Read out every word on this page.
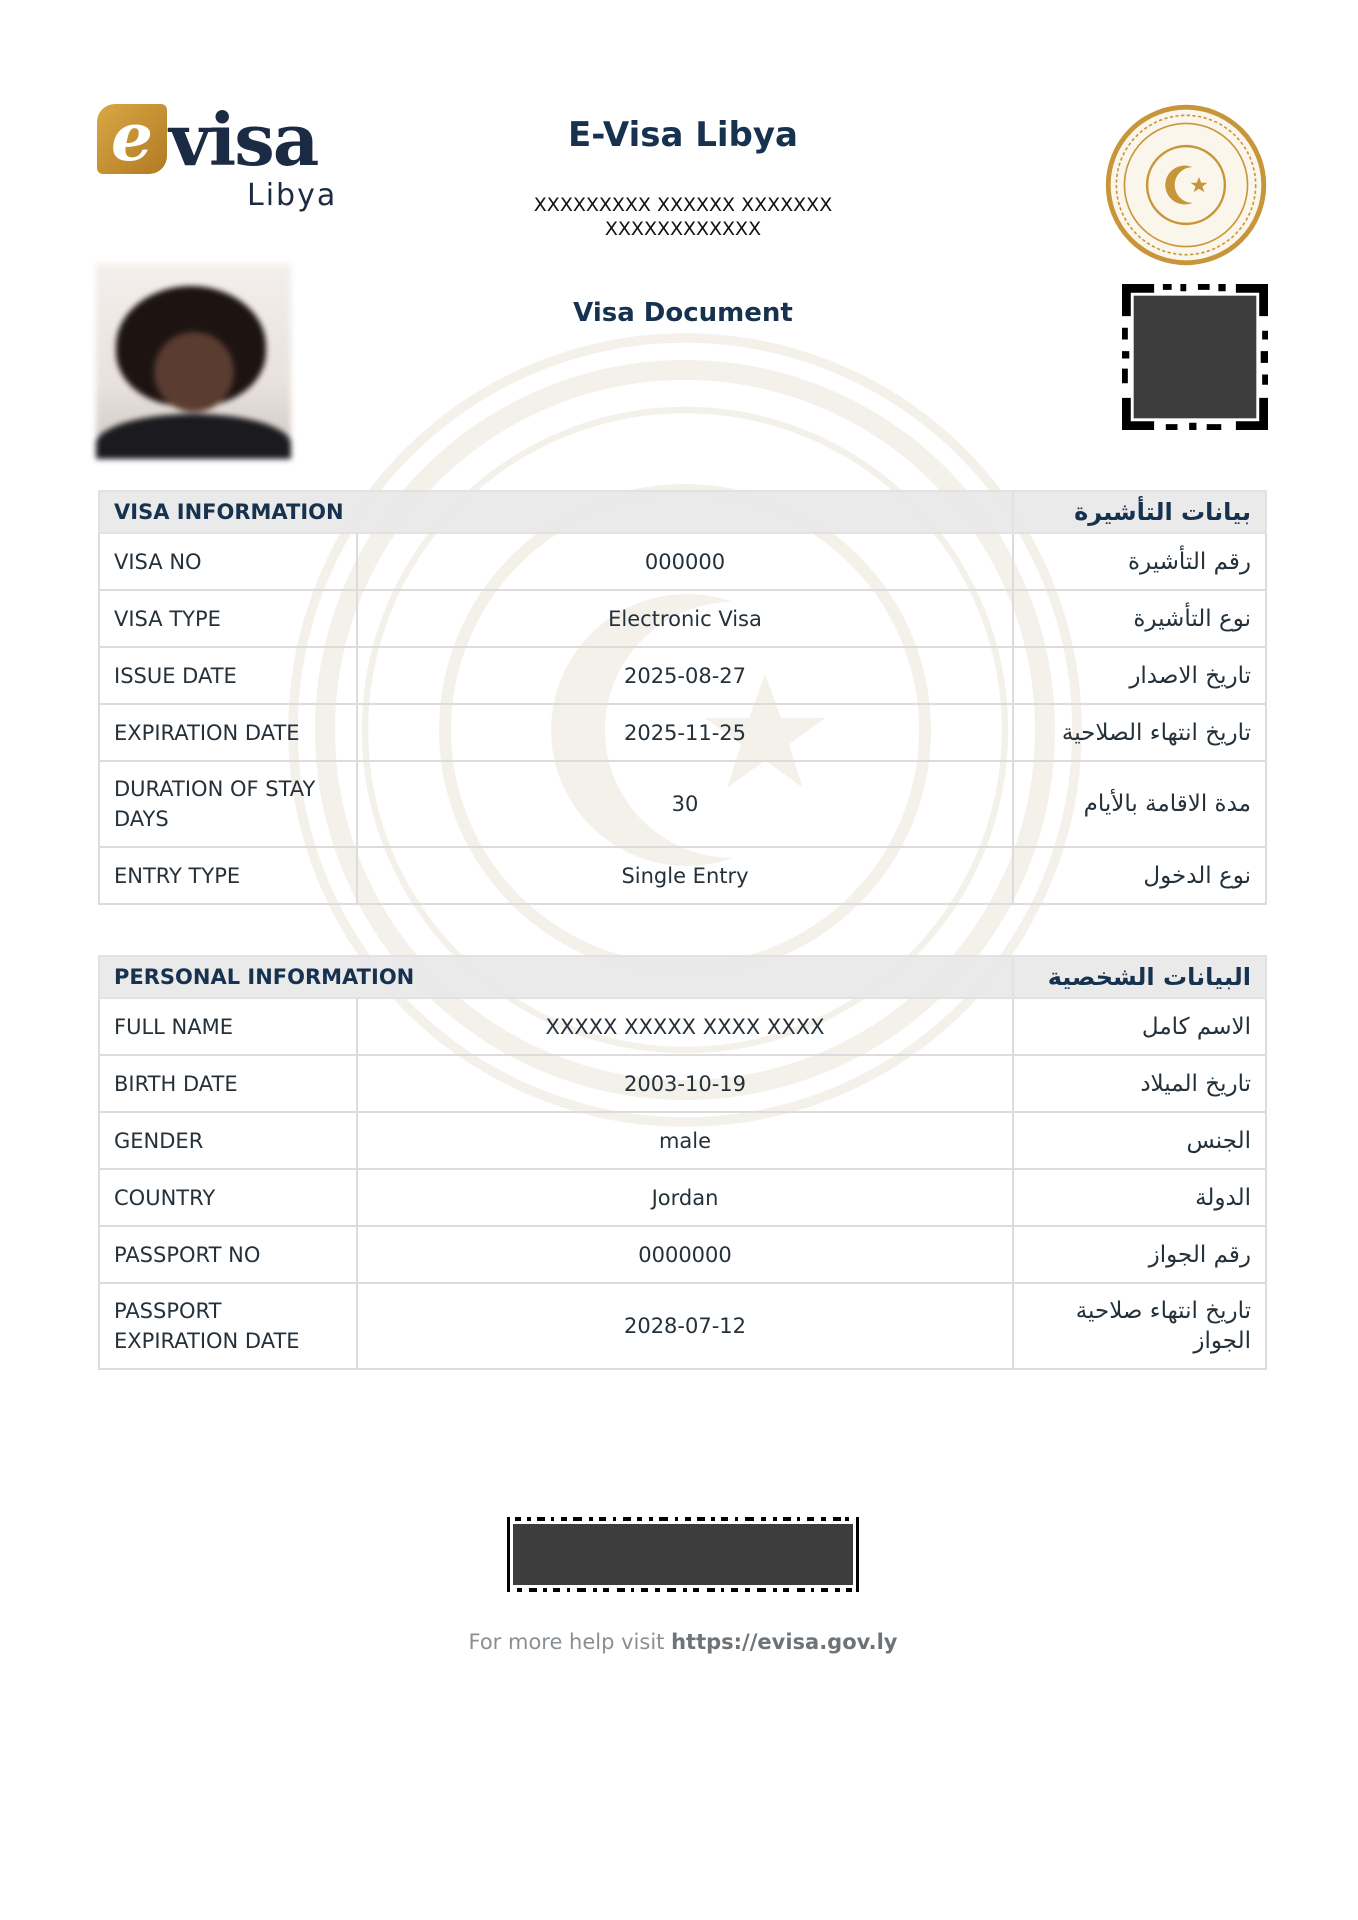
e visa
Libya
E-Visa Libya
XXXXXXXXX XXXXXX XXXXXXX
XXXXXXXXXXXX
Visa Document
VISA INFORMATION		بيانات التأشيرة
VISA NO	000000	رقم التأشيرة
VISA TYPE	Electronic Visa	نوع التأشيرة
ISSUE DATE	2025-08-27	تاريخ الاصدار
EXPIRATION DATE	2025-11-25	تاريخ انتهاء الصلاحية
DURATION OF STAY DAYS	30	مدة الاقامة بالأيام
ENTRY TYPE	Single Entry	نوع الدخول
PERSONAL INFORMATION		البيانات الشخصية
FULL NAME	XXXXX XXXXX XXXX XXXX	الاسم كامل
BIRTH DATE	2003-10-19	تاريخ الميلاد
GENDER	male	الجنس
COUNTRY	Jordan	الدولة
PASSPORT NO	0000000	رقم الجواز
PASSPORT EXPIRATION DATE	2028-07-12	تاريخ انتهاء صلاحية الجواز
For more help visit https://evisa.gov.ly
